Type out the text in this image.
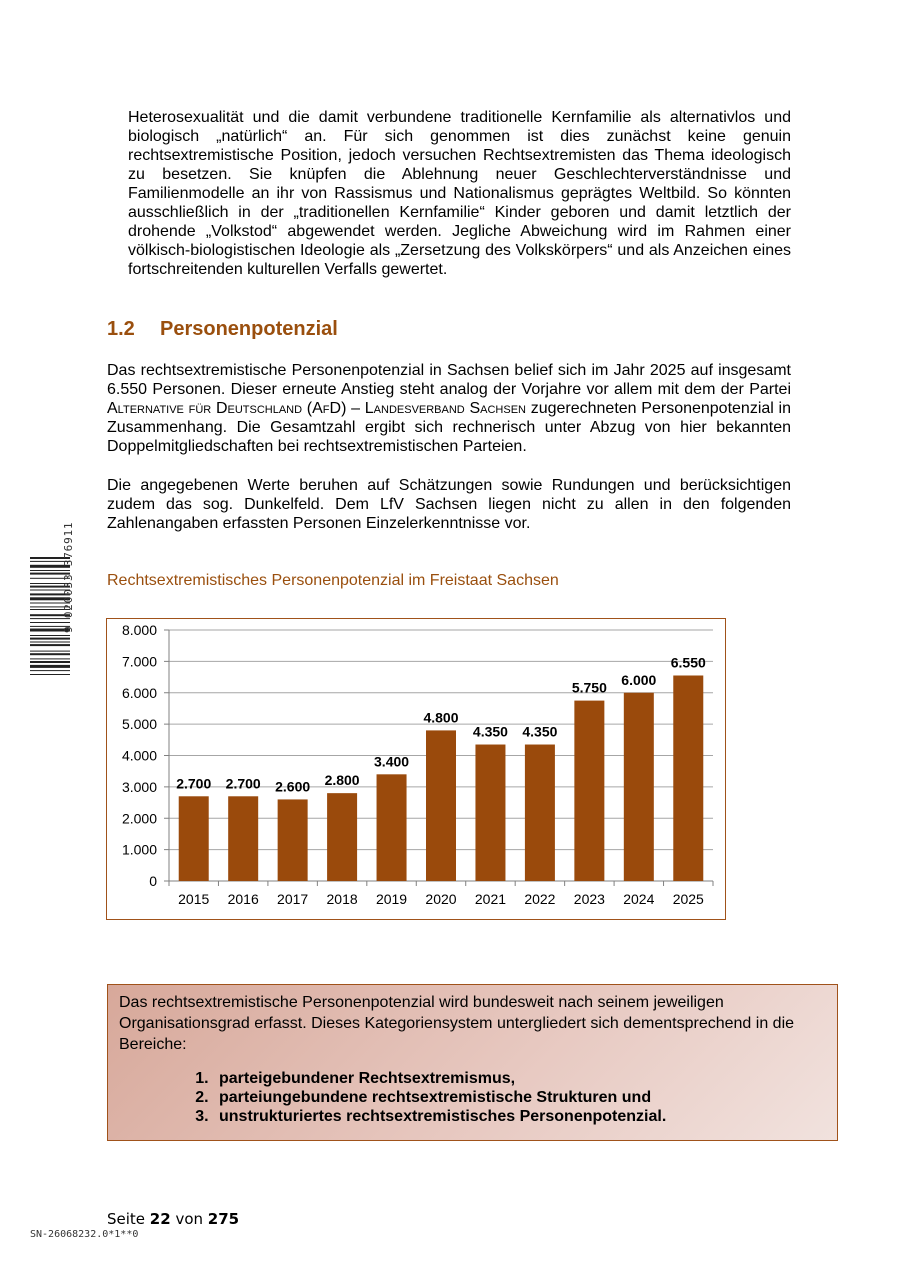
Heterosexualität und die damit verbundene traditionelle Kernfamilie als alternativlos und biologisch „natürlich“ an. Für sich genommen ist dies zunächst keine genuin rechtsextremistische Position, jedoch versuchen Rechtsextremisten das Thema ideologisch zu besetzen. Sie knüpfen die Ablehnung neuer Geschlechterverständnisse und Familienmodelle an ihr von Rassismus und Nationalismus geprägtes Weltbild. So könnten ausschließlich in der „traditionellen Kernfamilie“ Kinder geboren und damit letztlich der drohende „Volkstod“ abgewendet werden. Jegliche Abweichung wird im Rahmen einer völkisch-biologistischen Ideologie als „Zersetzung des Volkskörpers“ und als Anzeichen eines fortschreitenden kulturellen Verfalls gewertet.

1.2 Personenpotenzial

Das rechtsextremistische Personenpotenzial in Sachsen belief sich im Jahr 2025 auf insgesamt 6.550 Personen. Dieser erneute Anstieg steht analog der Vorjahre vor allem mit dem der Partei Alternative für Deutschland (AfD) – Landesverband Sachsen zugerechneten Personenpotenzial in Zusammenhang. Die Gesamtzahl ergibt sich rechnerisch unter Abzug von hier bekannten Doppelmitgliedschaften bei rechtsextremistischen Parteien.

Die angegebenen Werte beruhen auf Schätzungen sowie Rundungen und berücksichtigen zudem das sog. Dunkelfeld. Dem LfV Sachsen liegen nicht zu allen in den folgenden Zahlenangaben erfassten Personen Einzelerkenntnisse vor.

Rechtsextremistisches Personenpotenzial im Freistaat Sachsen

0
1.000
2.000
3.000
4.000
5.000
6.000
7.000
8.000
2.700
2015
2.700
2016
2.600
2017
2.800
2018
3.400
2019
4.800
2020
4.350
2021
4.350
2022
5.750
2023
6.000
2024
6.550
2025

Das rechtsextremistische Personenpotenzial wird bundesweit nach seinem jeweiligen Organisationsgrad erfasst. Dieses Kategoriensystem untergliedert sich dementsprechend in die Bereiche:

1. parteigebundener Rechtsextremismus,
2. parteiungebundene rechtsextremistische Strukturen und
3. unstrukturiertes rechtsextremistisches Personenpotenzial.

Seite 22 von 275

SN-26068232.0*1**0
9 020033 376911
